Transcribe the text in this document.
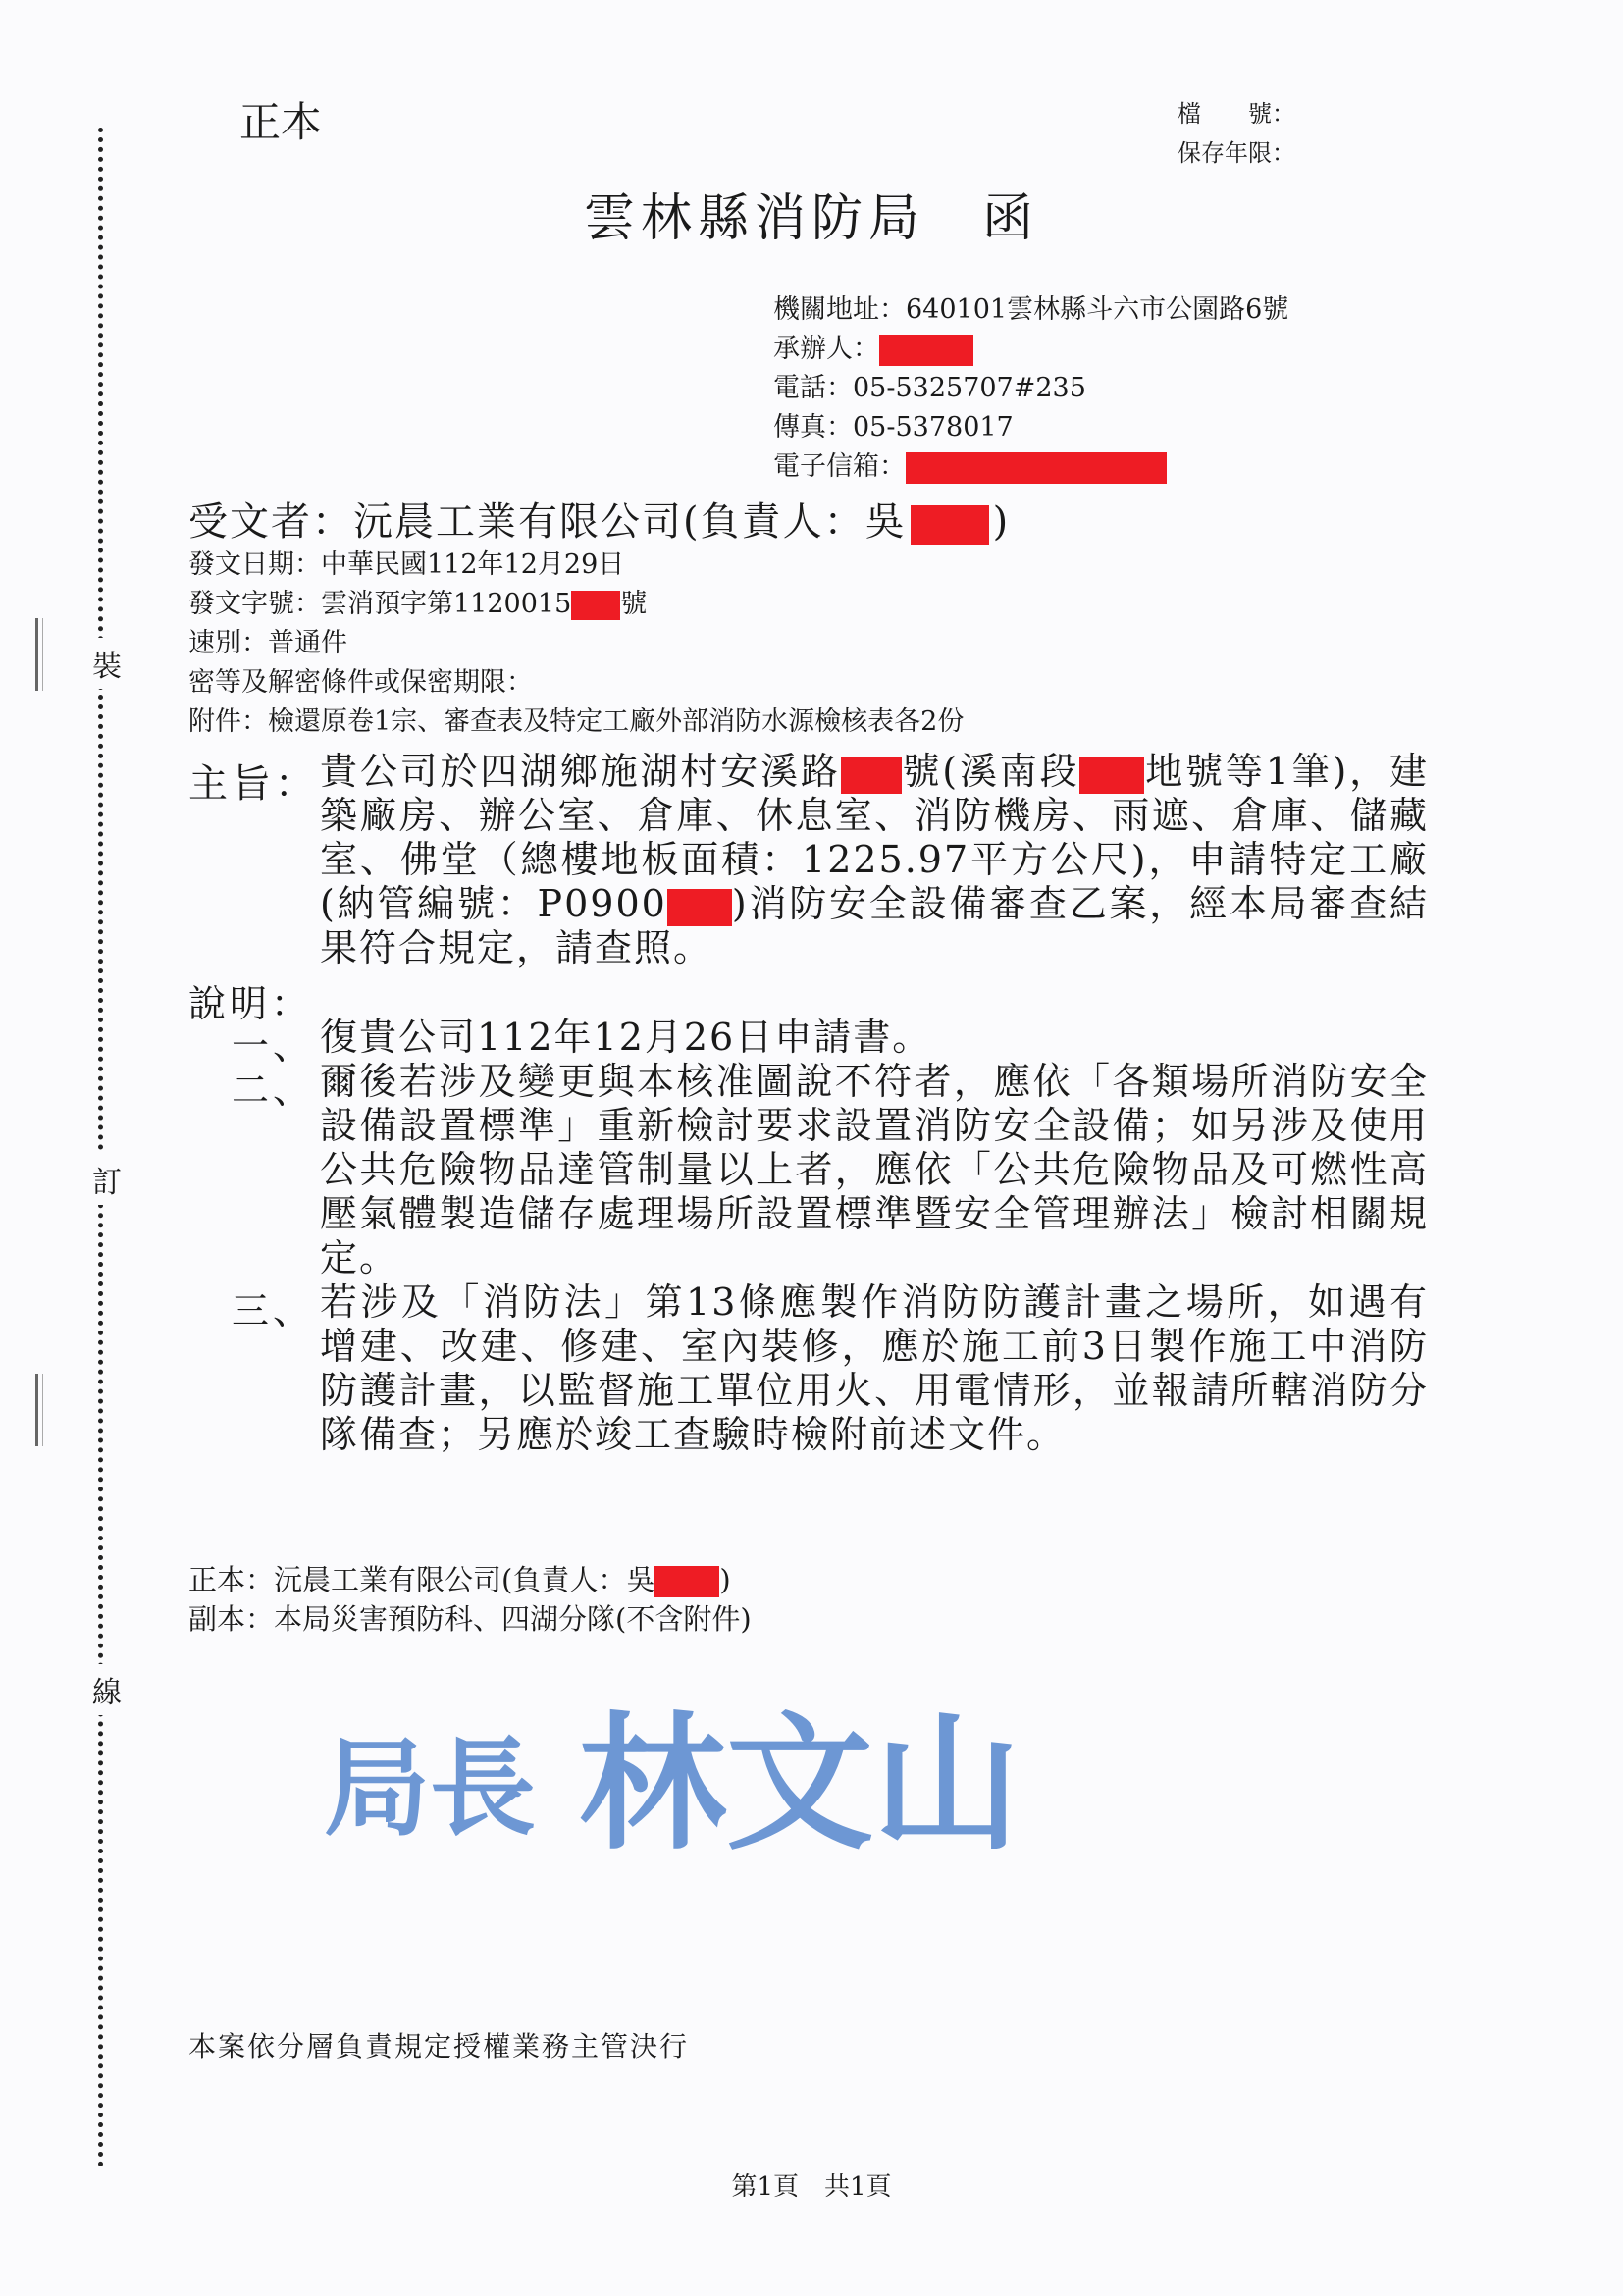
裝
訂
線
正本	檔　　號：
保存年限：
雲林縣消防局　函
機關地址：640101雲林縣斗六市公園路6號
承辦人：
電話：05-5325707#235
傳真：05-5378017
電子信箱：
受文者：沅晨工業有限公司(負責人：吳 )
發文日期：中華民國112年12月29日
發文字號：雲消預字第1120015 號
速別：普通件
密等及解密條件或保密期限：
附件：檢還原卷1宗、審查表及特定工廠外部消防水源檢核表各2份
主旨： 貴公司於四湖鄉施湖村安溪路 號(溪南段 地號等1筆)，建築廠房、辦公室、倉庫、休息室、消防機房、雨遮、倉庫、儲藏室、佛堂（總樓地板面積：1225.97平方公尺)，申請特定工廠(納管編號：P0900 )消防安全設備審查乙案，經本局審查結果符合規定，請查照。
說明：
一、 復貴公司112年12月26日申請書。
二、 爾後若涉及變更與本核准圖說不符者，應依「各類場所消防安全設備設置標準」重新檢討要求設置消防安全設備；如另涉及使用公共危險物品達管制量以上者，應依「公共危險物品及可燃性高壓氣體製造儲存處理場所設置標準暨安全管理辦法」檢討相關規定。
三、 若涉及「消防法」第13條應製作消防防護計畫之場所，如遇有增建、改建、修建、室內裝修，應於施工前3日製作施工中消防防護計畫，以監督施工單位用火、用電情形，並報請所轄消防分隊備查；另應於竣工查驗時檢附前述文件。
正本：沅晨工業有限公司(負責人：吳 )
副本：本局災害預防科、四湖分隊(不含附件)
局長 林文山
本案依分層負責規定授權業務主管決行
第1頁　共1頁
